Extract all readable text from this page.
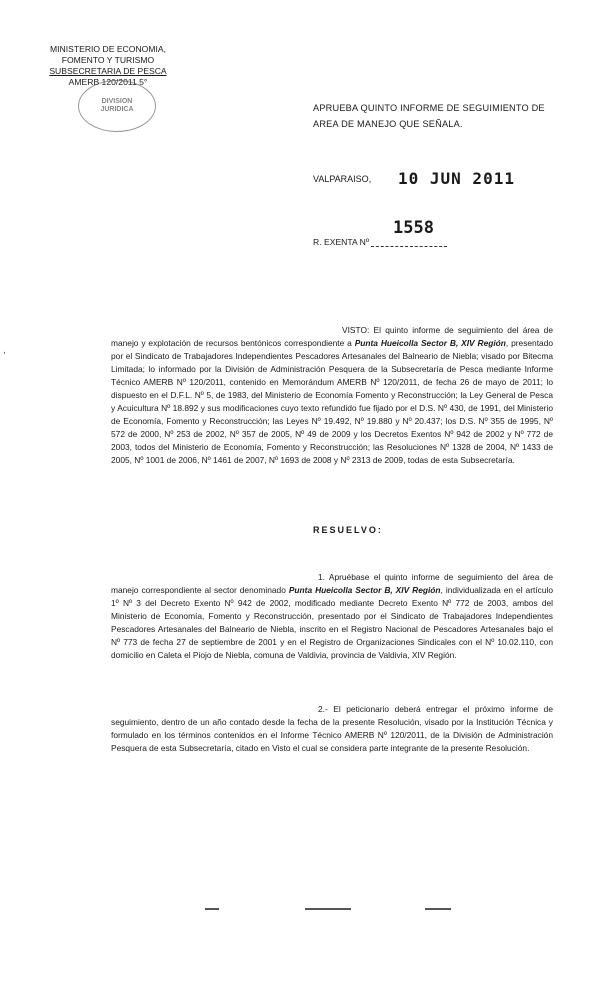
,
MINISTERIO DE ECONOMIA,
FOMENTO Y TURISMO
SUBSECRETARIA DE PESCA
AMERB 120/2011 5°
DIVISION
JURIDICA	APRUEBA QUINTO INFORME DE SEGUIMIENTO DE AREA DE MANEJO QUE SEÑALA.
VALPARAISO, 10 JUN 2011
1558
R. EXENTA Nº
VISTO: El quinto informe de seguimiento del área de manejo y explotación de recursos bentónicos correspondiente a Punta Hueicolla Sector B, XIV Región, presentado por el Sindicato de Trabajadores Independientes Pescadores Artesanales del Balneario de Niebla; visado por Bitecma Limitada; lo informado por la División de Administración Pesquera de la Subsecretaría de Pesca mediante Informe Técnico AMERB Nº 120/2011, contenido en Memorándum AMERB Nº 120/2011, de fecha 26 de mayo de 2011; lo dispuesto en el D.F.L. Nº 5, de 1983, del Ministerio de Economía Fomento y Reconstrucción; la Ley General de Pesca y Acuicultura Nº 18.892 y sus modificaciones cuyo texto refundido fue fijado por el D.S. Nº 430, de 1991, del Ministerio de Economía, Fomento y Reconstrucción; las Leyes Nº 19.492, Nº 19.880 y Nº 20.437; los D.S. Nº 355 de 1995, Nº 572 de 2000, Nº 253 de 2002, Nº 357 de 2005, Nº 49 de 2009 y los Decretos Exentos Nº 942 de 2002 y Nº 772 de 2003, todos del Ministerio de Economía, Fomento y Reconstrucción; las Resoluciones Nº 1328 de 2004, Nº 1433 de 2005, Nº 1001 de 2006, Nº 1461 de 2007, Nº 1693 de 2008 y Nº 2313 de 2009, todas de esta Subsecretaría.
RESUELVO:
1. Apruébase el quinto informe de seguimiento del área de manejo correspondiente al sector denominado Punta Hueicolla Sector B, XIV Región, individualizada en el artículo 1º Nº 3 del Decreto Exento Nº 942 de 2002, modificado mediante Decreto Exento Nº 772 de 2003, ambos del Ministerio de Economía, Fomento y Reconstrucción, presentado por el Sindicato de Trabajadores Independientes Pescadores Artesanales del Balneario de Niebla, inscrito en el Registro Nacional de Pescadores Artesanales bajo el Nº 773 de fecha 27 de septiembre de 2001 y en el Registro de Organizaciones Sindicales con el Nº 10.02.110, con domicilio en Caleta el Piojo de Niebla, comuna de Valdivia, provincia de Valdivia, XIV Región.
2.- El peticionario deberá entregar el próximo informe de seguimiento, dentro de un año contado desde la fecha de la presente Resolución, visado por la Institución Técnica y formulado en los términos contenidos en el Informe Técnico AMERB Nº 120/2011, de la División de Administración Pesquera de esta Subsecretaría, citado en Visto el cual se considera parte integrante de la presente Resolución.
